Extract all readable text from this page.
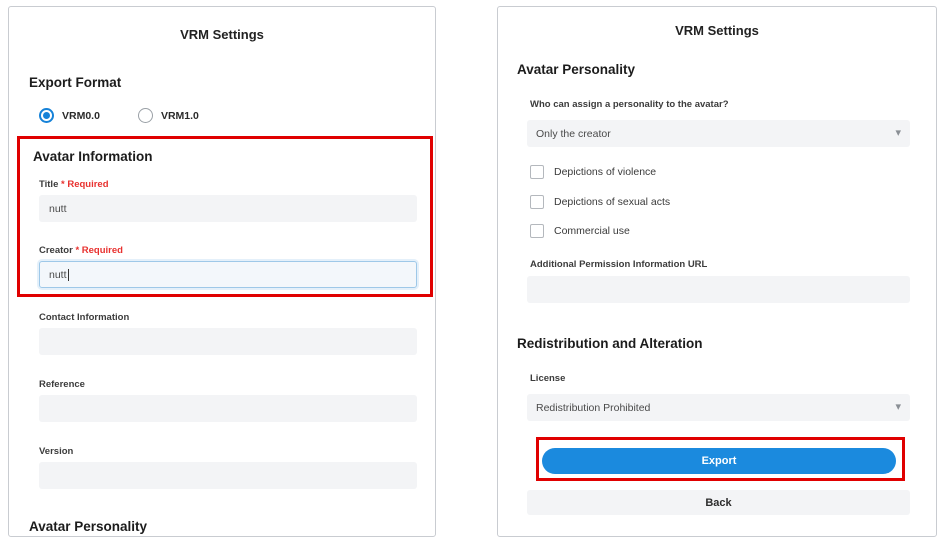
VRM Settings
Export Format
VRM0.0	VRM1.0
Avatar Information
Title * Required
nutt
Creator * Required
nutt
Contact Information
Reference
Version
Avatar Personality
VRM Settings
Avatar Personality
Who can assign a personality to the avatar?
Only the creator	▾
Depictions of violence
Depictions of sexual acts
Commercial use
Additional Permission Information URL
Redistribution and Alteration
License
Redistribution Prohibited	▾
Export
Back
